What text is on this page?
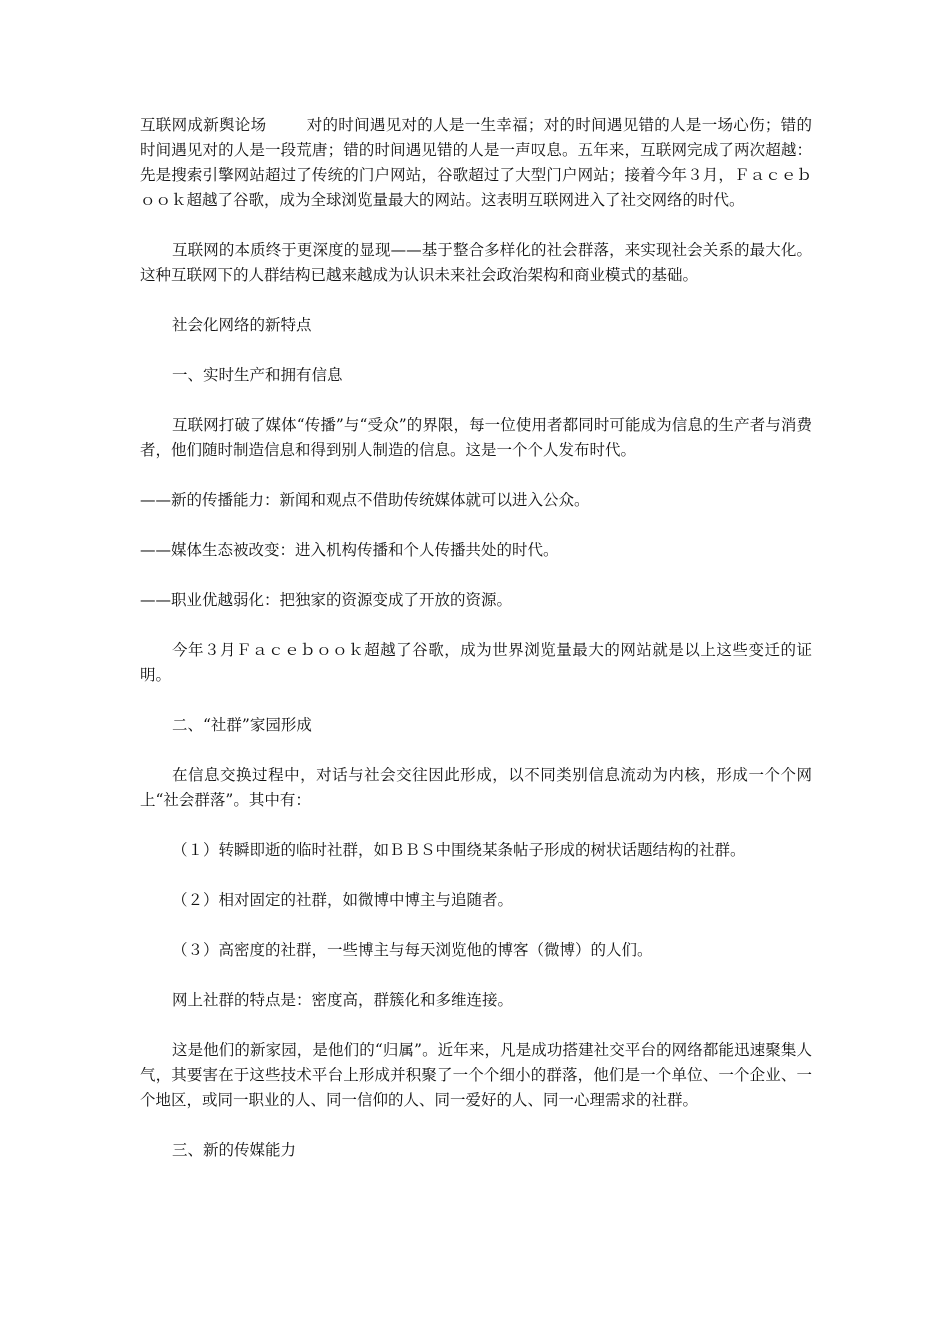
互联网成新舆论场	对的时间遇见对的人是一生幸福；对的时间遇见错的人是一场心伤；错的时间遇见对的人是一段荒唐；错的时间遇见错的人是一声叹息。五年来，互联网完成了两次超越：先是搜索引擎网站超过了传统的门户网站，谷歌超过了大型门户网站；接着今年３月，Ｆａｃｅｂｏｏｋ超越了谷歌，成为全球浏览量最大的网站。这表明互联网进入了社交网络的时代。

互联网的本质终于更深度的显现——基于整合多样化的社会群落，来实现社会关系的最大化。这种互联网下的人群结构已越来越成为认识未来社会政治架构和商业模式的基础。

社会化网络的新特点

一、实时生产和拥有信息

互联网打破了媒体“传播”与“受众”的界限，每一位使用者都同时可能成为信息的生产者与消费者，他们随时制造信息和得到别人制造的信息。这是一个个人发布时代。

——新的传播能力：新闻和观点不借助传统媒体就可以进入公众。

——媒体生态被改变：进入机构传播和个人传播共处的时代。

——职业优越弱化：把独家的资源变成了开放的资源。

今年３月Ｆａｃｅｂｏｏｋ超越了谷歌，成为世界浏览量最大的网站就是以上这些变迁的证明。

二、“社群”家园形成

在信息交换过程中，对话与社会交往因此形成，以不同类别信息流动为内核，形成一个个网上“社会群落”。其中有：

（１）转瞬即逝的临时社群，如ＢＢＳ中围绕某条帖子形成的树状话题结构的社群。

（２）相对固定的社群，如微博中博主与追随者。

（３）高密度的社群，一些博主与每天浏览他的博客（微博）的人们。

网上社群的特点是：密度高，群簇化和多维连接。

这是他们的新家园，是他们的“归属”。近年来，凡是成功搭建社交平台的网络都能迅速聚集人气，其要害在于这些技术平台上形成并积聚了一个个细小的群落，他们是一个单位、一个企业、一个地区，或同一职业的人、同一信仰的人、同一爱好的人、同一心理需求的社群。

三、新的传媒能力
